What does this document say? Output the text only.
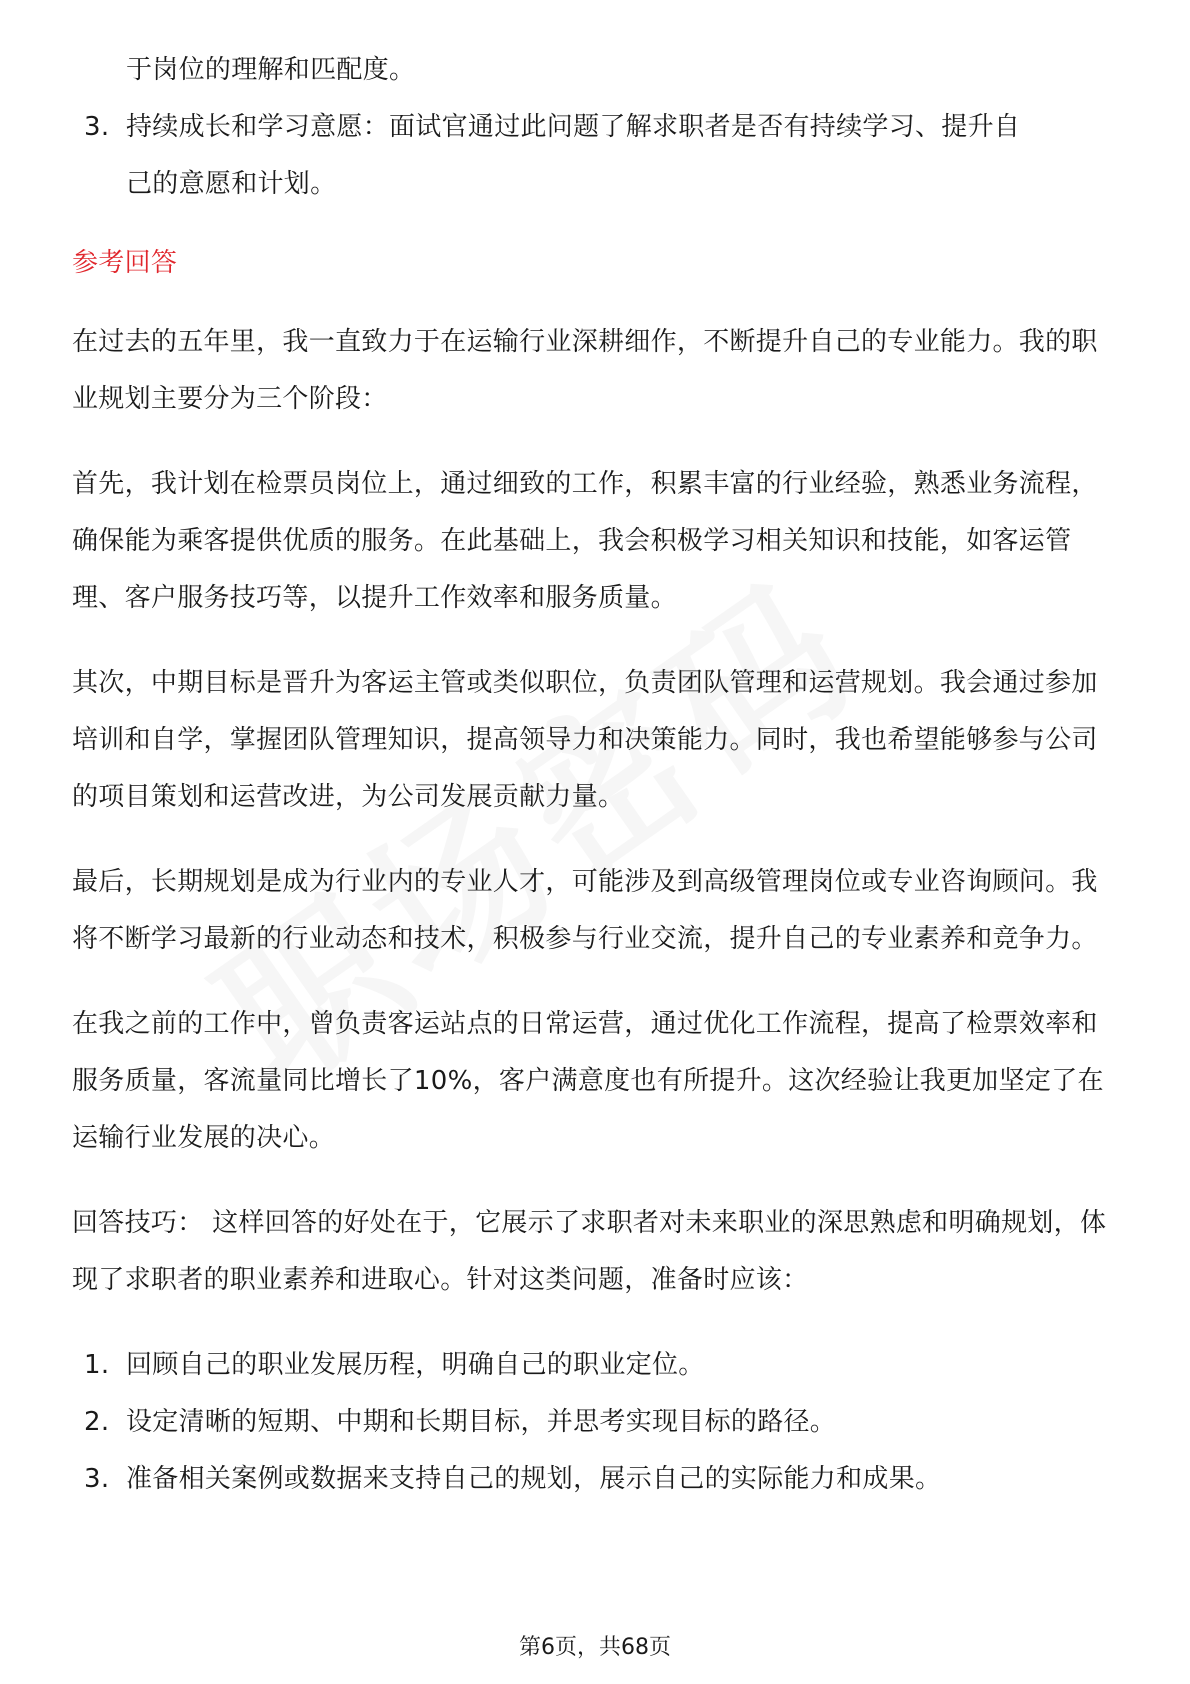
于岗位的理解和匹配度。
3. 持续成长和学习意愿：面试官通过此问题了解求职者是否有持续学习、提升自
己的意愿和计划。
参考回答

在过去的五年里，我一直致力于在运输行业深耕细作，不断提升自己的专业能力。我的职业规划主要分为三个阶段：

首先，我计划在检票员岗位上，通过细致的工作，积累丰富的行业经验，熟悉业务流程，确保能为乘客提供优质的服务。在此基础上，我会积极学习相关知识和技能，如客运管理、客户服务技巧等，以提升工作效率和服务质量。

其次，中期目标是晋升为客运主管或类似职位，负责团队管理和运营规划。我会通过参加培训和自学，掌握团队管理知识，提高领导力和决策能力。同时，我也希望能够参与公司的项目策划和运营改进，为公司发展贡献力量。

最后，长期规划是成为行业内的专业人才，可能涉及到高级管理岗位或专业咨询顾问。我将不断学习最新的行业动态和技术，积极参与行业交流，提升自己的专业素养和竞争力。

在我之前的工作中，曾负责客运站点的日常运营，通过优化工作流程，提高了检票效率和服务质量，客流量同比增长了10%，客户满意度也有所提升。这次经验让我更加坚定了在运输行业发展的决心。

回答技巧： 这样回答的好处在于，它展示了求职者对未来职业的深思熟虑和明确规划，体现了求职者的职业素养和进取心。针对这类问题，准备时应该：

1. 回顾自己的职业发展历程，明确自己的职业定位。
2. 设定清晰的短期、中期和长期目标，并思考实现目标的路径。
3. 准备相关案例或数据来支持自己的规划，展示自己的实际能力和成果。
第6页，共68页
